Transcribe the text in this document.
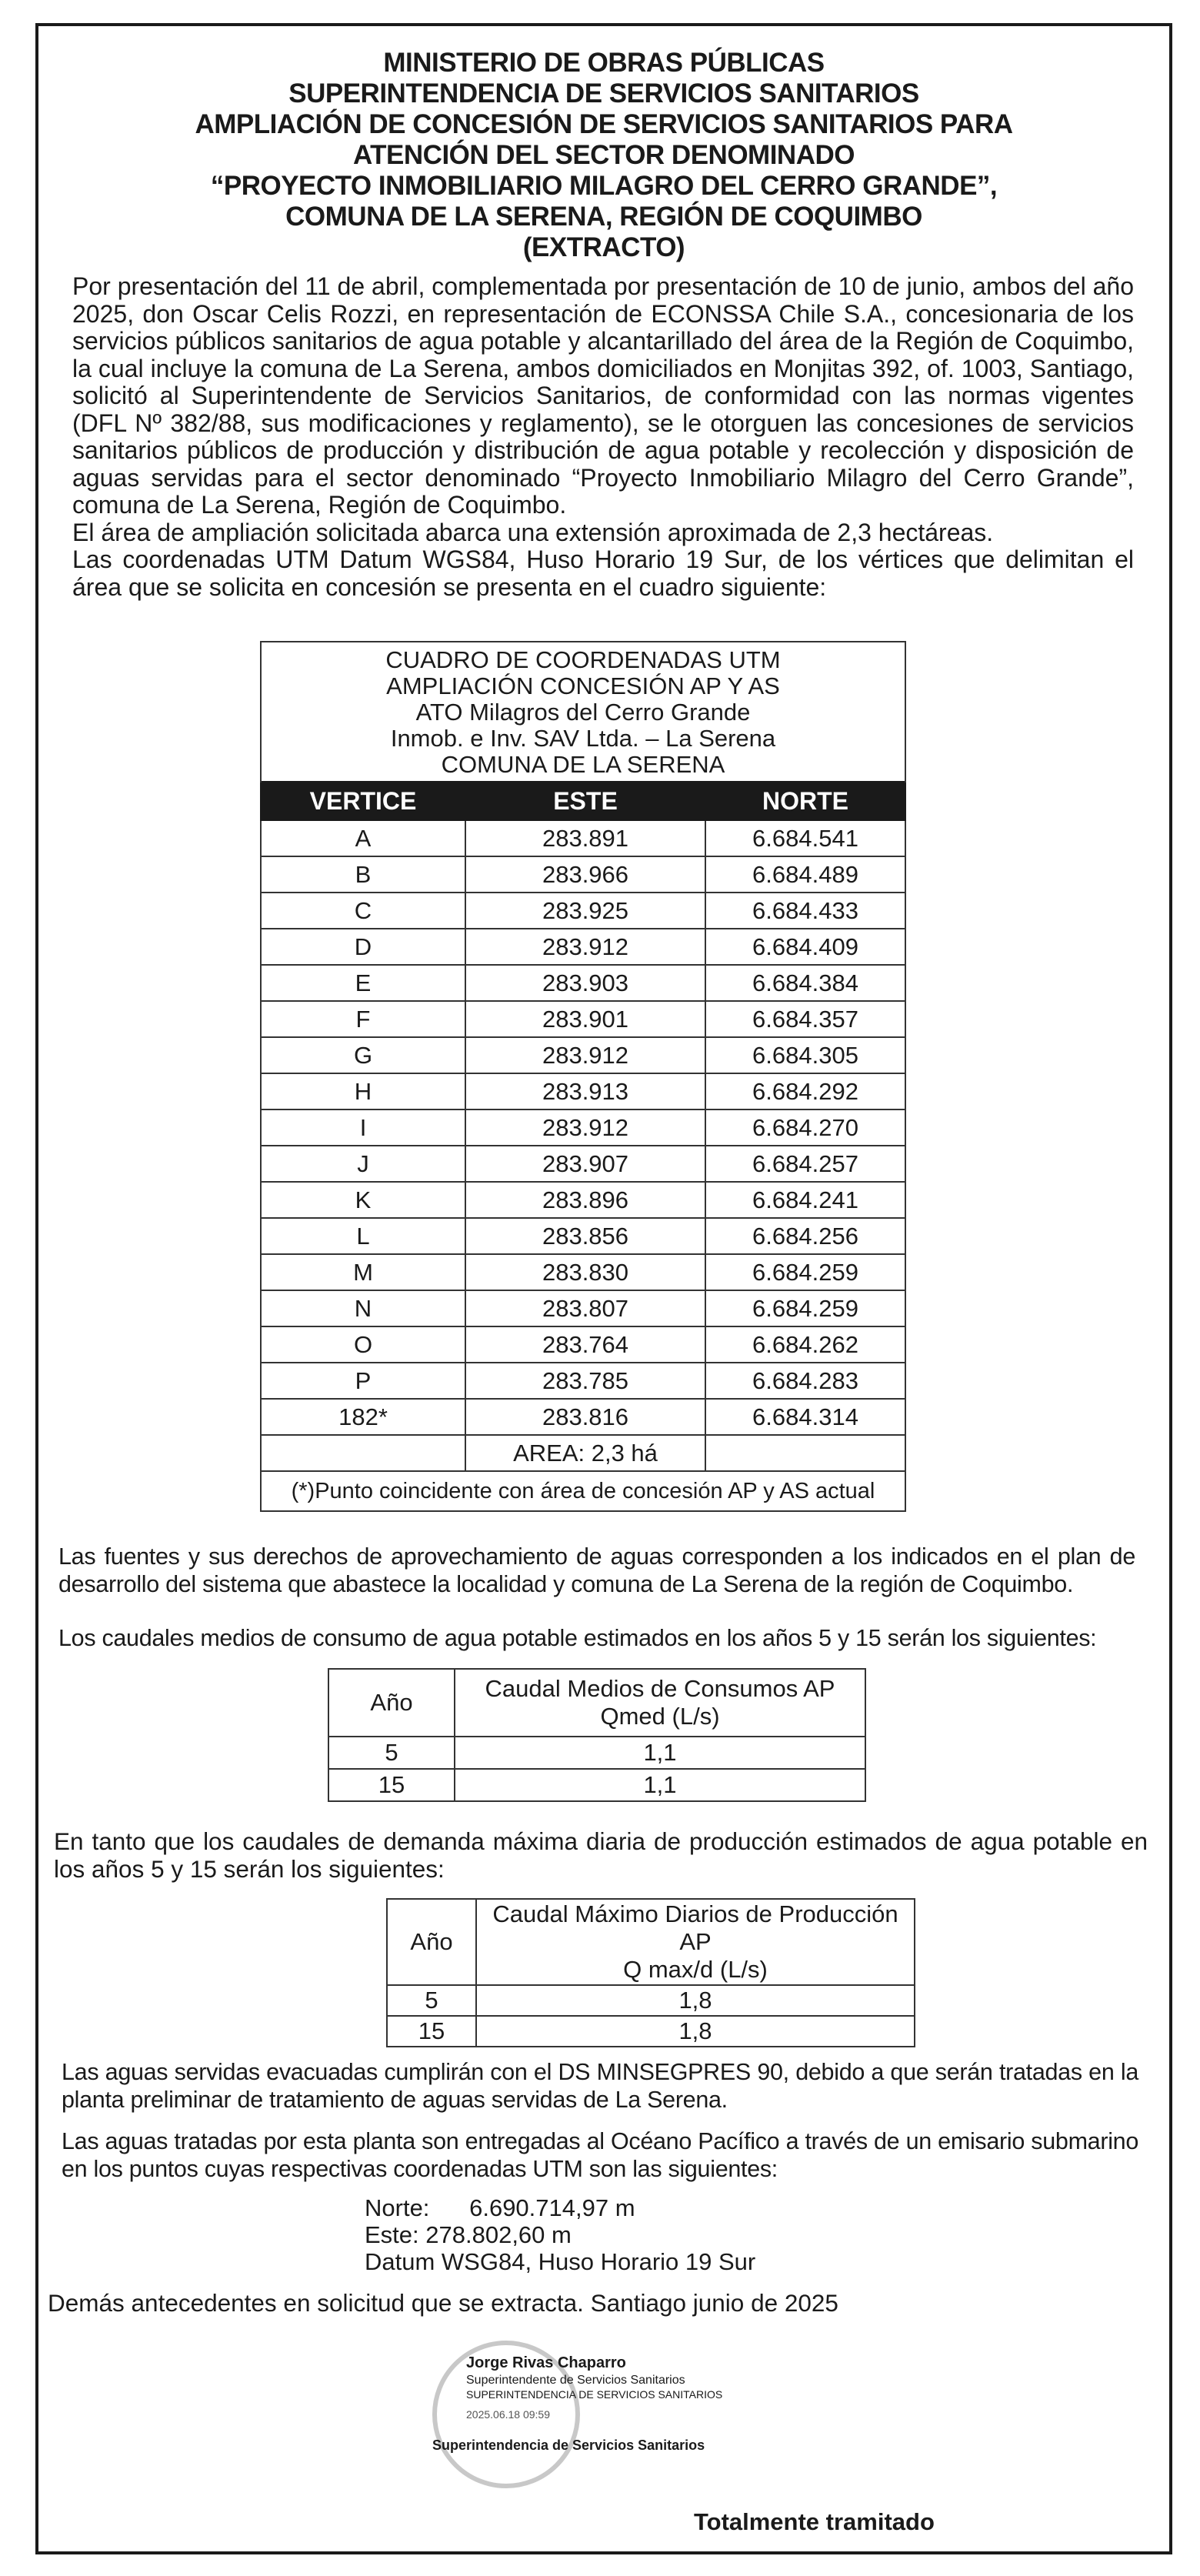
MINISTERIO DE OBRAS PÚBLICAS
SUPERINTENDENCIA DE SERVICIOS SANITARIOS
AMPLIACIÓN DE CONCESIÓN DE SERVICIOS SANITARIOS PARA
ATENCIÓN DEL SECTOR DENOMINADO
“PROYECTO INMOBILIARIO MILAGRO DEL CERRO GRANDE”,
COMUNA DE LA SERENA, REGIÓN DE COQUIMBO
(EXTRACTO)

Por presentación del 11 de abril, complementada por presentación de 10 de junio, ambos del año 2025, don Oscar Celis Rozzi, en representación de ECONSSA Chile S.A., concesionaria de los servicios públicos sanitarios de agua potable y alcantarillado del área de la Región de Coquimbo, la cual incluye la comuna de La Serena, ambos domiciliados en Monjitas 392, of. 1003, Santiago, solicitó al Superintendente de Servicios Sanitarios, de conformidad con las normas vigentes (DFL Nº 382/88, sus modificaciones y reglamento), se le otorguen las concesiones de servicios sanitarios públicos de producción y distribución de agua potable y recolección y disposición de aguas servidas para el sector denominado “Proyecto Inmobiliario Milagro del Cerro Grande”, comuna de La Serena, Región de Coquimbo.

El área de ampliación solicitada abarca una extensión aproximada de 2,3 hectáreas.

Las coordenadas UTM Datum WGS84, Huso Horario 19 Sur, de los vértices que delimitan el área que se solicita en concesión se presenta en el cuadro siguiente:

CUADRO DE COORDENADAS UTM
AMPLIACIÓN CONCESIÓN AP Y AS
ATO Milagros del Cerro Grande
Inmob. e Inv. SAV Ltda. – La Serena
COMUNA DE LA SERENA		

VERTICE	ESTE	NORTE
A	283.891	6.684.541
B	283.966	6.684.489
C	283.925	6.684.433
D	283.912	6.684.409
E	283.903	6.684.384
F	283.901	6.684.357
G	283.912	6.684.305
H	283.913	6.684.292
I	283.912	6.684.270
J	283.907	6.684.257
K	283.896	6.684.241
L	283.856	6.684.256
M	283.830	6.684.259
N	283.807	6.684.259
O	283.764	6.684.262
P	283.785	6.684.283
182*	283.816	6.684.314
	AREA: 2,3 há	
(*)Punto coincidente con área de concesión AP y AS actual		
Las fuentes y sus derechos de aprovechamiento de aguas corresponden a los indicados en el plan de desarrollo del sistema que abastece la localidad y comuna de La Serena de la región de Coquimbo.
Los caudales medios de consumo de agua potable estimados en los años 5 y 15 serán los siguientes:
Año	Caudal Medios de Consumos AP
Qmed (L/s)

5	1,1
15	1,1
En tanto que los caudales de demanda máxima diaria de producción estimados de agua potable en los años 5 y 15 serán los siguientes:
Año	Caudal Máximo Diarios de Producción AP
Q max/d (L/s)

5	1,8
15	1,8
Las aguas servidas evacuadas cumplirán con el DS MINSEGPRES 90, debido a que serán tratadas en la planta preliminar de tratamiento de aguas servidas de La Serena.
Las aguas tratadas por esta planta son entregadas al Océano Pacífico a través de un emisario submarino en los puntos cuyas respectivas coordenadas UTM son las siguientes:
Norte:      6.690.714,97 m
Este: 278.802,60 m
Datum WSG84, Huso Horario 19 Sur
Demás antecedentes en solicitud que se extracta. Santiago junio de 2025
Jorge Rivas Chaparro
Superintendente de Servicios Sanitarios
SUPERINTENDENCIA DE SERVICIOS SANITARIOS
2025.06.18 09:59
Superintendencia de Servicios Sanitarios
Totalmente tramitado
